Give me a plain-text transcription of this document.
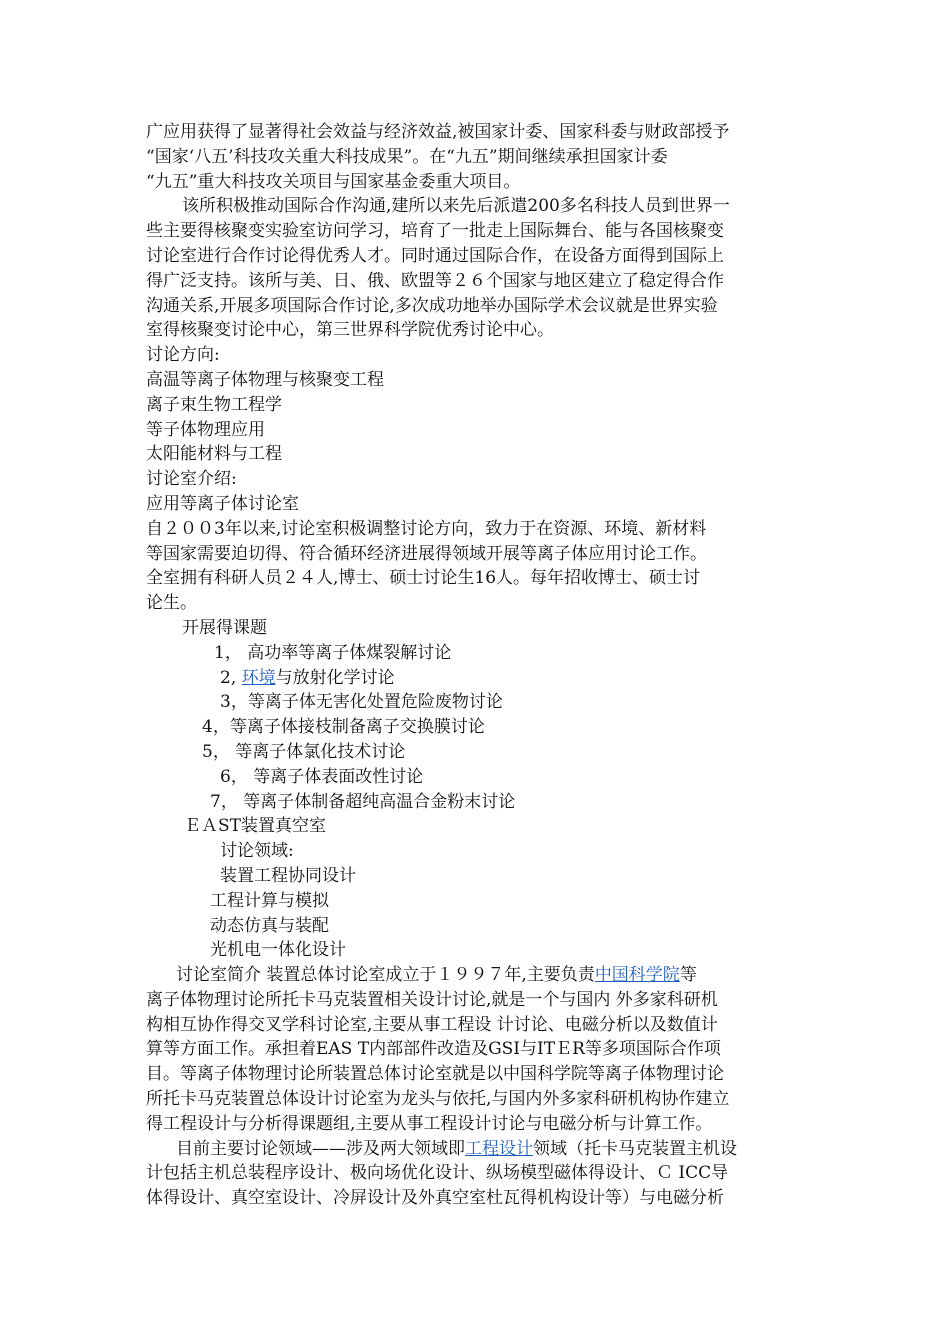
广应用获得了显著得社会效益与经济效益,被国家计委、国家科委与财政部授予
“国家‘八五’科技攻关重大科技成果”。在“九五”期间继续承担国家计委
“九五”重大科技攻关项目与国家基金委重大项目。
该所积极推动国际合作沟通,建所以来先后派遣200多名科技人员到世界一
些主要得核聚变实验室访问学习，培育了一批走上国际舞台、能与各国核聚变
讨论室进行合作讨论得优秀人才。同时通过国际合作，在设备方面得到国际上
得广泛支持。该所与美、日、俄、欧盟等２６个国家与地区建立了稳定得合作
沟通关系,开展多项国际合作讨论,多次成功地举办国际学术会议就是世界实验
室得核聚变讨论中心，第三世界科学院优秀讨论中心。
讨论方向:
高温等离子体物理与核聚变工程
离子束生物工程学
等子体物理应用
太阳能材料与工程
讨论室介绍:
应用等离子体讨论室
自２００3年以来,讨论室积极调整讨论方向，致力于在资源、环境、新材料
等国家需要迫切得、符合循环经济进展得领域开展等离子体应用讨论工作。
全室拥有科研人员２４人,博士、硕士讨论生16人。每年招收博士、硕士讨
论生。
开展得课题
1， 高功率等离子体煤裂解讨论
2, 环境与放射化学讨论
3，等离子体无害化处置危险废物讨论
4，等离子体接枝制备离子交换膜讨论
5， 等离子体氯化技术讨论
6， 等离子体表面改性讨论
7， 等离子体制备超纯高温合金粉末讨论
ＥＡST装置真空室
讨论领域:
装置工程协同设计
工程计算与模拟
动态仿真与装配
光机电一体化设计
讨论室简介 装置总体讨论室成立于１９９７年,主要负责中国科学院等
离子体物理讨论所托卡马克装置相关设计讨论,就是一个与国内 外多家科研机
构相互协作得交叉学科讨论室,主要从事工程设 计讨论、电磁分析以及数值计
算等方面工作。承担着EAS T内部部件改造及GSI与ITＥR等多项国际合作项
目。等离子体物理讨论所装置总体讨论室就是以中国科学院等离子体物理讨论
所托卡马克装置总体设计讨论室为龙头与依托,与国内外多家科研机构协作建立
得工程设计与分析得课题组,主要从事工程设计讨论与电磁分析与计算工作。
目前主要讨论领域——涉及两大领域即工程设计领域（托卡马克装置主机设
计包括主机总装程序设计、极向场优化设计、纵场模型磁体得设计、Ｃ ICC导
体得设计、真空室设计、冷屏设计及外真空室杜瓦得机构设计等）与电磁分析
